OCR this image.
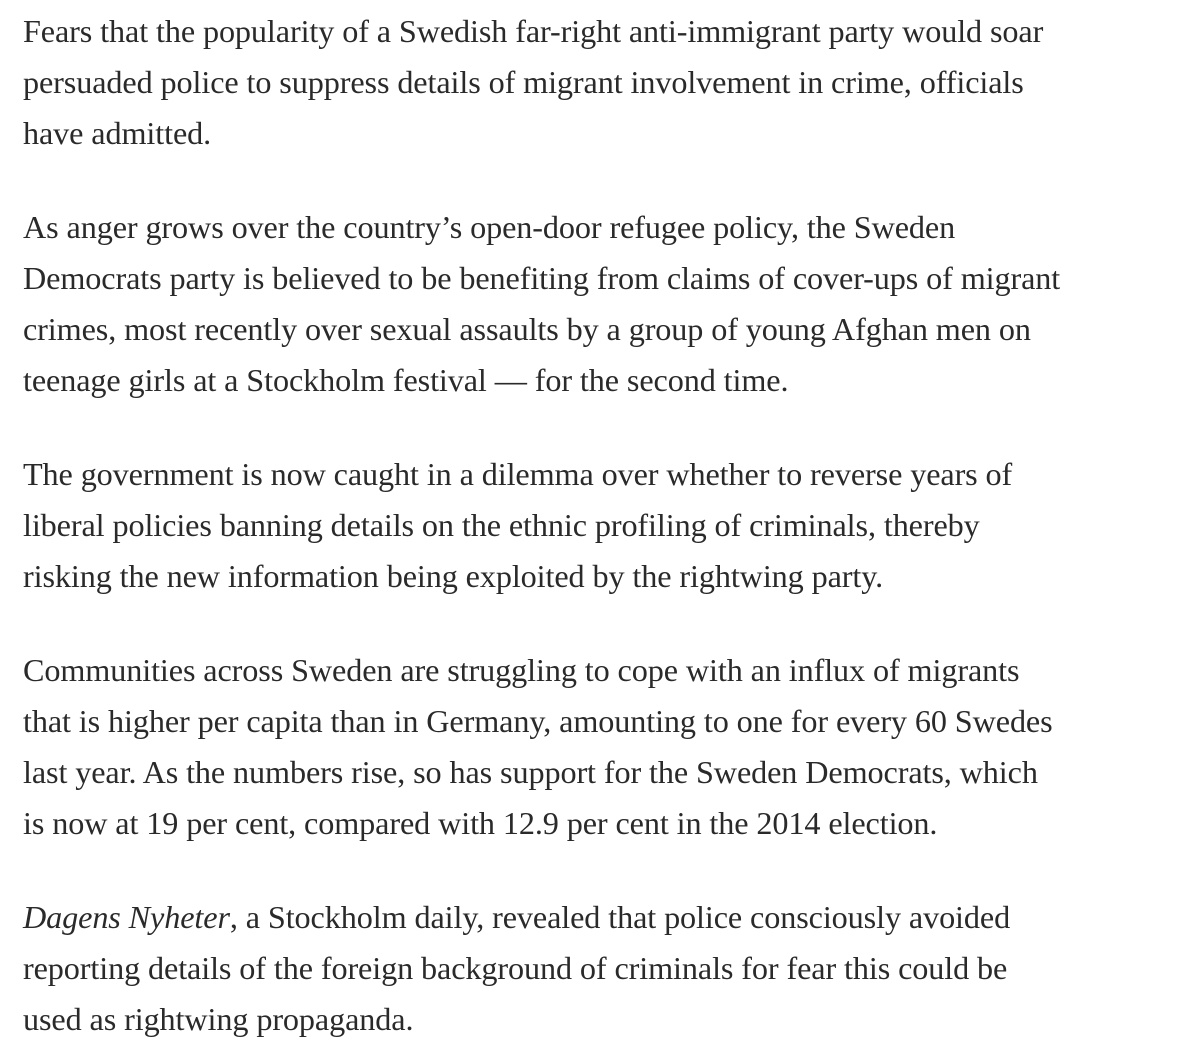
Fears that the popularity of a Swedish far-right anti-immigrant party would soar
persuaded police to suppress details of migrant involvement in crime, officials
have admitted.

As anger grows over the country’s open-door refugee policy, the Sweden
Democrats party is believed to be benefiting from claims of cover-ups of migrant
crimes, most recently over sexual assaults by a group of young Afghan men on
teenage girls at a Stockholm festival — for the second time.

The government is now caught in a dilemma over whether to reverse years of
liberal policies banning details on the ethnic profiling of criminals, thereby
risking the new information being exploited by the rightwing party.

Communities across Sweden are struggling to cope with an influx of migrants
that is higher per capita than in Germany, amounting to one for every 60 Swedes
last year. As the numbers rise, so has support for the Sweden Democrats, which
is now at 19 per cent, compared with 12.9 per cent in the 2014 election.

Dagens Nyheter, a Stockholm daily, revealed that police consciously avoided
reporting details of the foreign background of criminals for fear this could be
used as rightwing propaganda.
